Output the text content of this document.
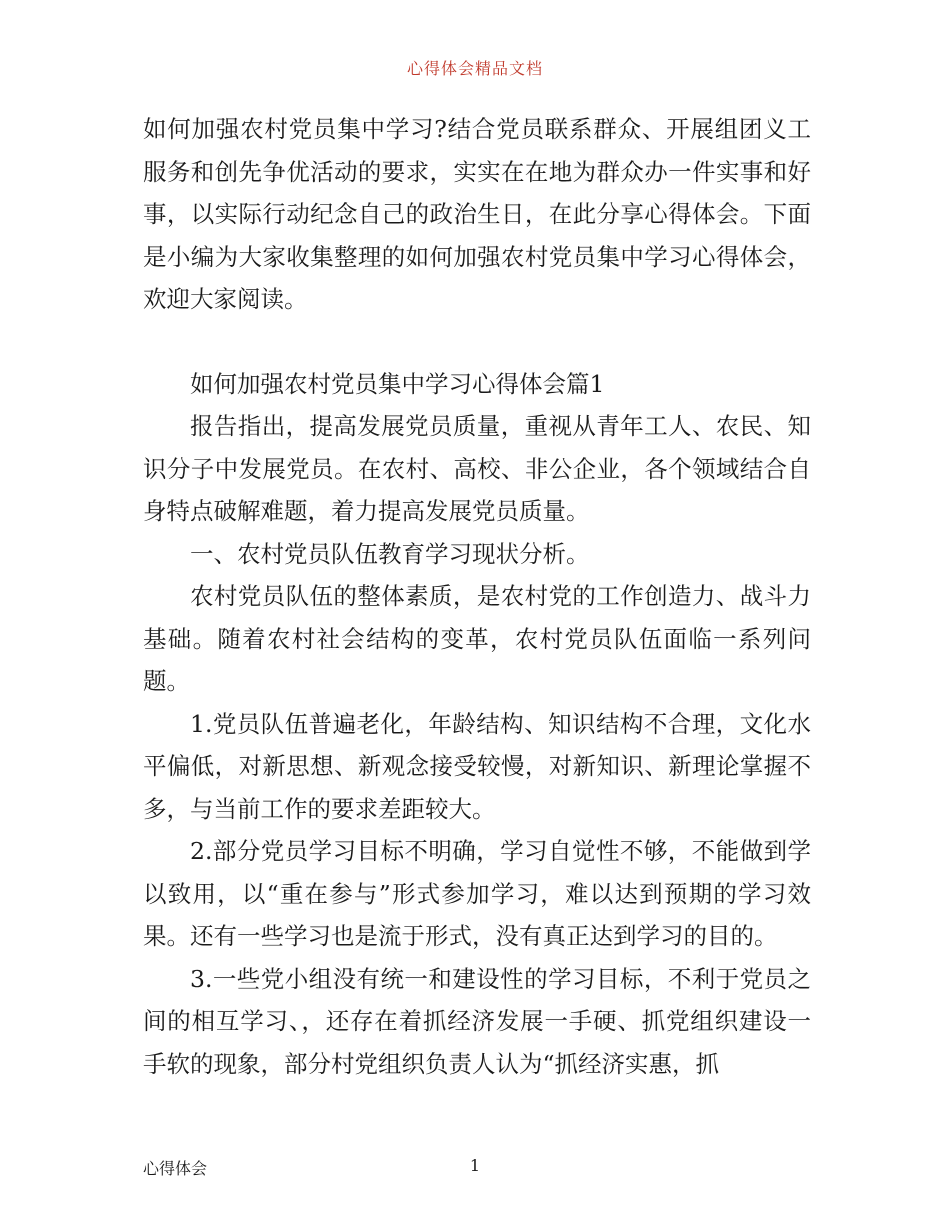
心得体会精品文档

如何加强农村党员集中学习?结合党员联系群众、开展组团义工服务和创先争优活动的要求，实实在在地为群众办一件实事和好事，以实际行动纪念自己的政治生日，在此分享心得体会。下面是小编为大家收集整理的如何加强农村党员集中学习心得体会，欢迎大家阅读。

如何加强农村党员集中学习心得体会篇1

报告指出，提高发展党员质量，重视从青年工人、农民、知识分子中发展党员。在农村、高校、非公企业，各个领域结合自身特点破解难题，着力提高发展党员质量。

一、农村党员队伍教育学习现状分析。

农村党员队伍的整体素质，是农村党的工作创造力、战斗力基础。随着农村社会结构的变革，农村党员队伍面临一系列问题。

1.党员队伍普遍老化，年龄结构、知识结构不合理，文化水平偏低，对新思想、新观念接受较慢，对新知识、新理论掌握不多，与当前工作的要求差距较大。

2.部分党员学习目标不明确，学习自觉性不够，不能做到学以致用，以“重在参与”形式参加学习，难以达到预期的学习效果。还有一些学习也是流于形式，没有真正达到学习的目的。

3.一些党小组没有统一和建设性的学习目标，不利于党员之间的相互学习、，还存在着抓经济发展一手硬、抓党组织建设一手软的现象，部分村党组织负责人认为“抓经济实惠，抓

心得体会	1
